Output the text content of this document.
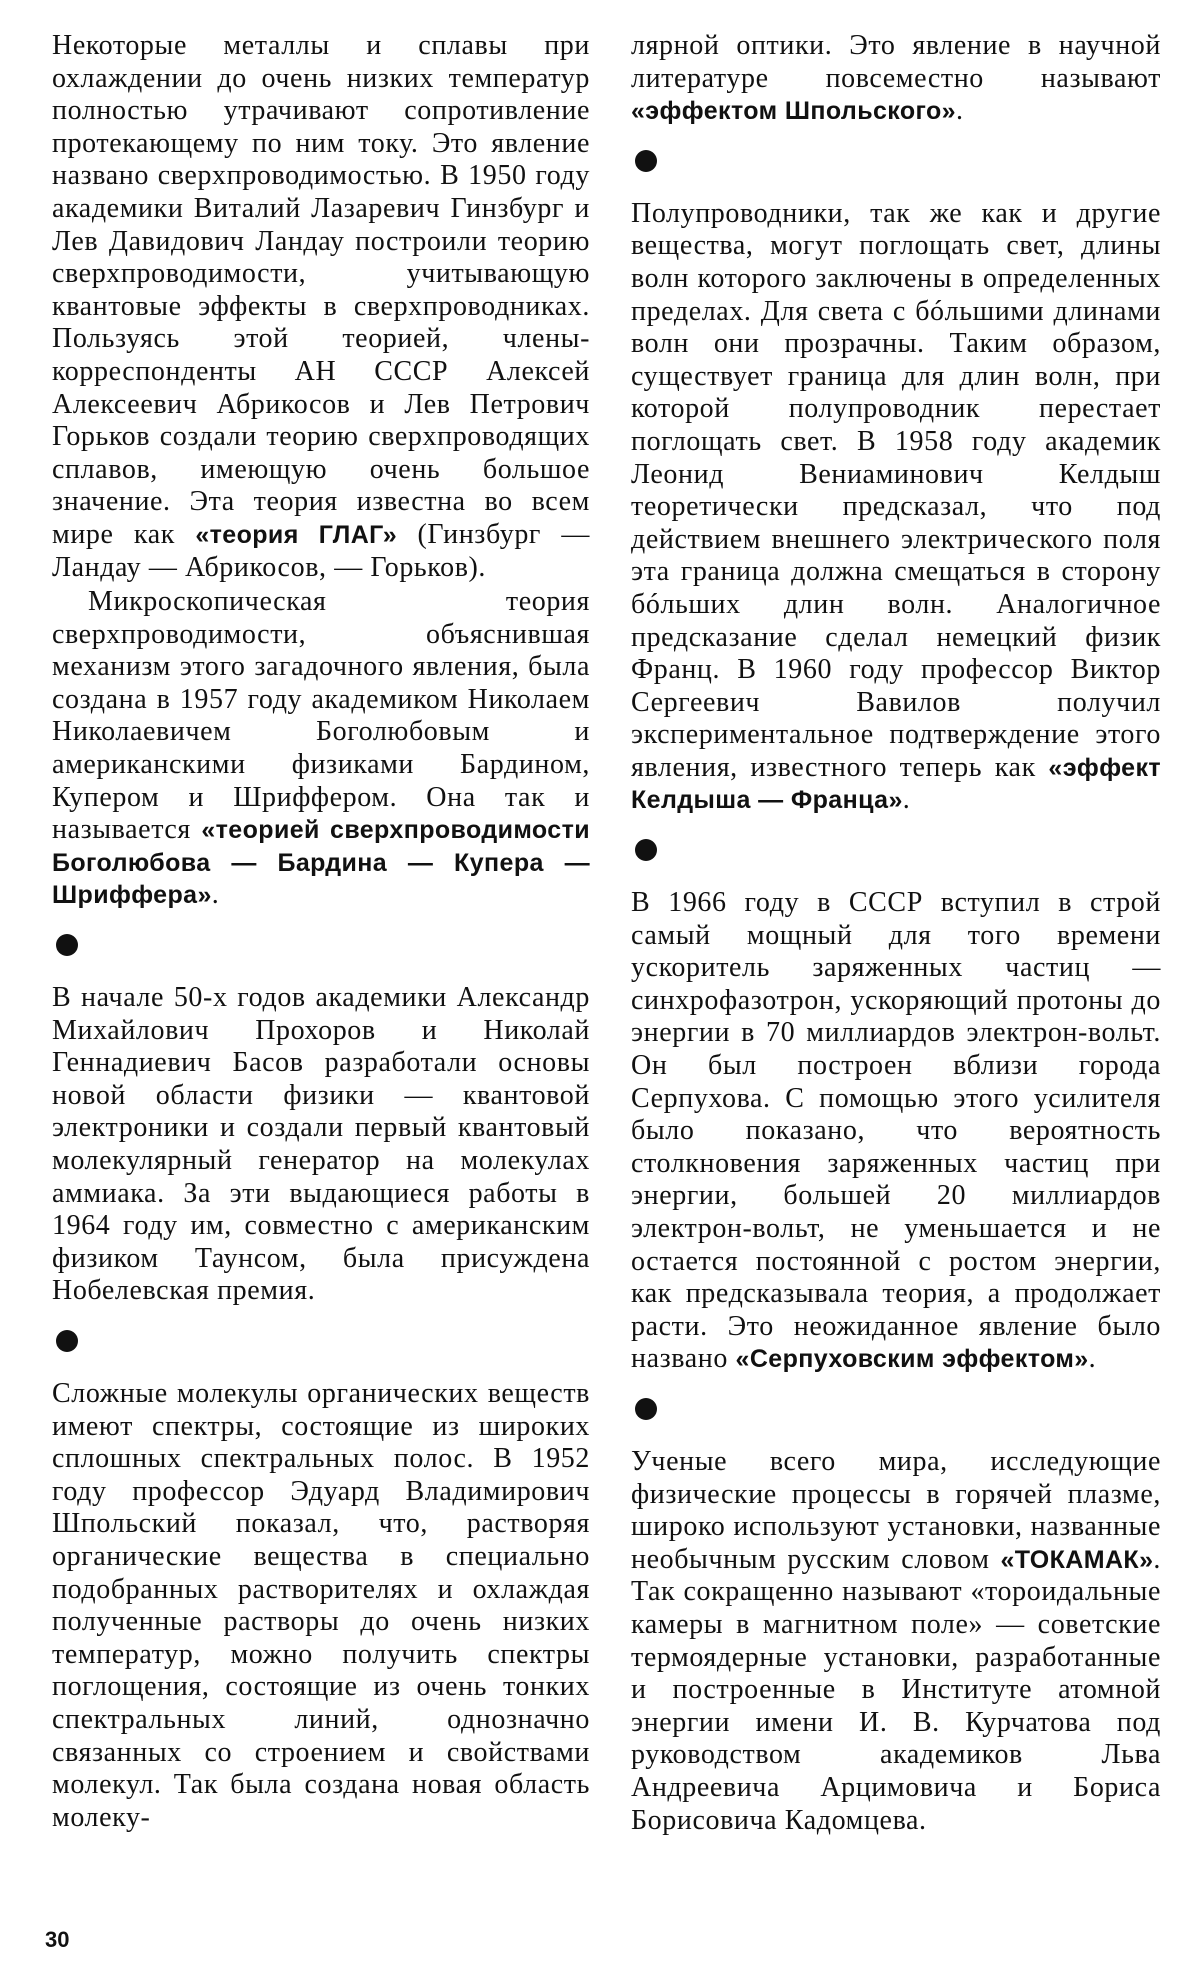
Некоторые металлы и сплавы при охлаждении до очень низких температур полностью утрачивают сопротивление протекающему по ним току. Это явление названо сверхпроводимостью. В 1950 году академики Виталий Лазаревич Гинзбург и Лев Давидович Ландау построили теорию сверхпроводимости, учитывающую квантовые эффекты в сверхпроводниках. Пользуясь этой теорией, члены-корреспонденты АН СССР Алексей Алексеевич Абрикосов и Лев Петрович Горьков создали теорию сверхпроводящих сплавов, имеющую очень большое значение. Эта теория известна во всем мире как «теория ГЛАГ» (Гинзбург — Ландау — Абрикосов, — Горьков).

Микроскопическая теория сверхпроводимости, объяснившая механизм этого загадочного явления, была создана в 1957 году академиком Николаем Николаевичем Боголюбовым и американскими физиками Бардином, Купером и Шриффером. Она так и называется «теорией сверхпроводимости Боголюбова — Бардина — Купера — Шриффера».

В начале 50-х годов академики Александр Михайлович Прохоров и Николай Геннадиевич Басов разработали основы новой области физики — квантовой электроники и создали первый квантовый молекулярный генератор на молекулах аммиака. За эти выдающиеся работы в 1964 году им, совместно с американским физиком Таунсом, была присуждена Нобелевская премия.

Сложные молекулы органических веществ имеют спектры, состоящие из широких сплошных спектральных полос. В 1952 году профессор Эдуард Владимирович Шпольский показал, что, растворяя органические вещества в специально подобранных растворителях и охлаждая полученные растворы до очень низких температур, можно получить спектры поглощения, состоящие из очень тонких спектральных линий, однозначно связанных со строением и свойствами молекул. Так была создана новая область молеку-

лярной оптики. Это явление в научной литературе повсеместно называют «эффектом Шпольского».

Полупроводники, так же как и другие вещества, могут поглощать свет, длины волн которого заключены в определенных пределах. Для света с бóльшими длинами волн они прозрачны. Таким образом, существует граница для длин волн, при которой полупроводник перестает поглощать свет. В 1958 году академик Леонид Вениаминович Келдыш теоретически предсказал, что под действием внешнего электрического поля эта граница должна смещаться в сторону бóльших длин волн. Аналогичное предсказание сделал немецкий физик Франц. В 1960 году профессор Виктор Сергеевич Вавилов получил экспериментальное подтверждение этого явления, известного теперь как «эффект Келдыша — Франца».

В 1966 году в СССР вступил в строй самый мощный для того времени ускоритель заряженных частиц — синхрофазотрон, ускоряющий протоны до энергии в 70 миллиардов электрон-вольт. Он был построен вблизи города Серпухова. С помощью этого усилителя было показано, что вероятность столкновения заряженных частиц при энергии, большей 20 миллиардов электрон-вольт, не уменьшается и не остается постоянной с ростом энергии, как предсказывала теория, а продолжает расти. Это неожиданное явление было названо «Серпуховским эффектом».

Ученые всего мира, исследующие физические процессы в горячей плазме, широко используют установки, названные необычным русским словом «ТОКАМАК». Так сокращенно называют «тороидальные камеры в магнитном поле» — советские термоядерные установки, разработанные и построенные в Институте атомной энергии имени И. В. Курчатова под руководством академиков Льва Андреевича Арцимовича и Бориса Борисовича Кадомцева.

30
